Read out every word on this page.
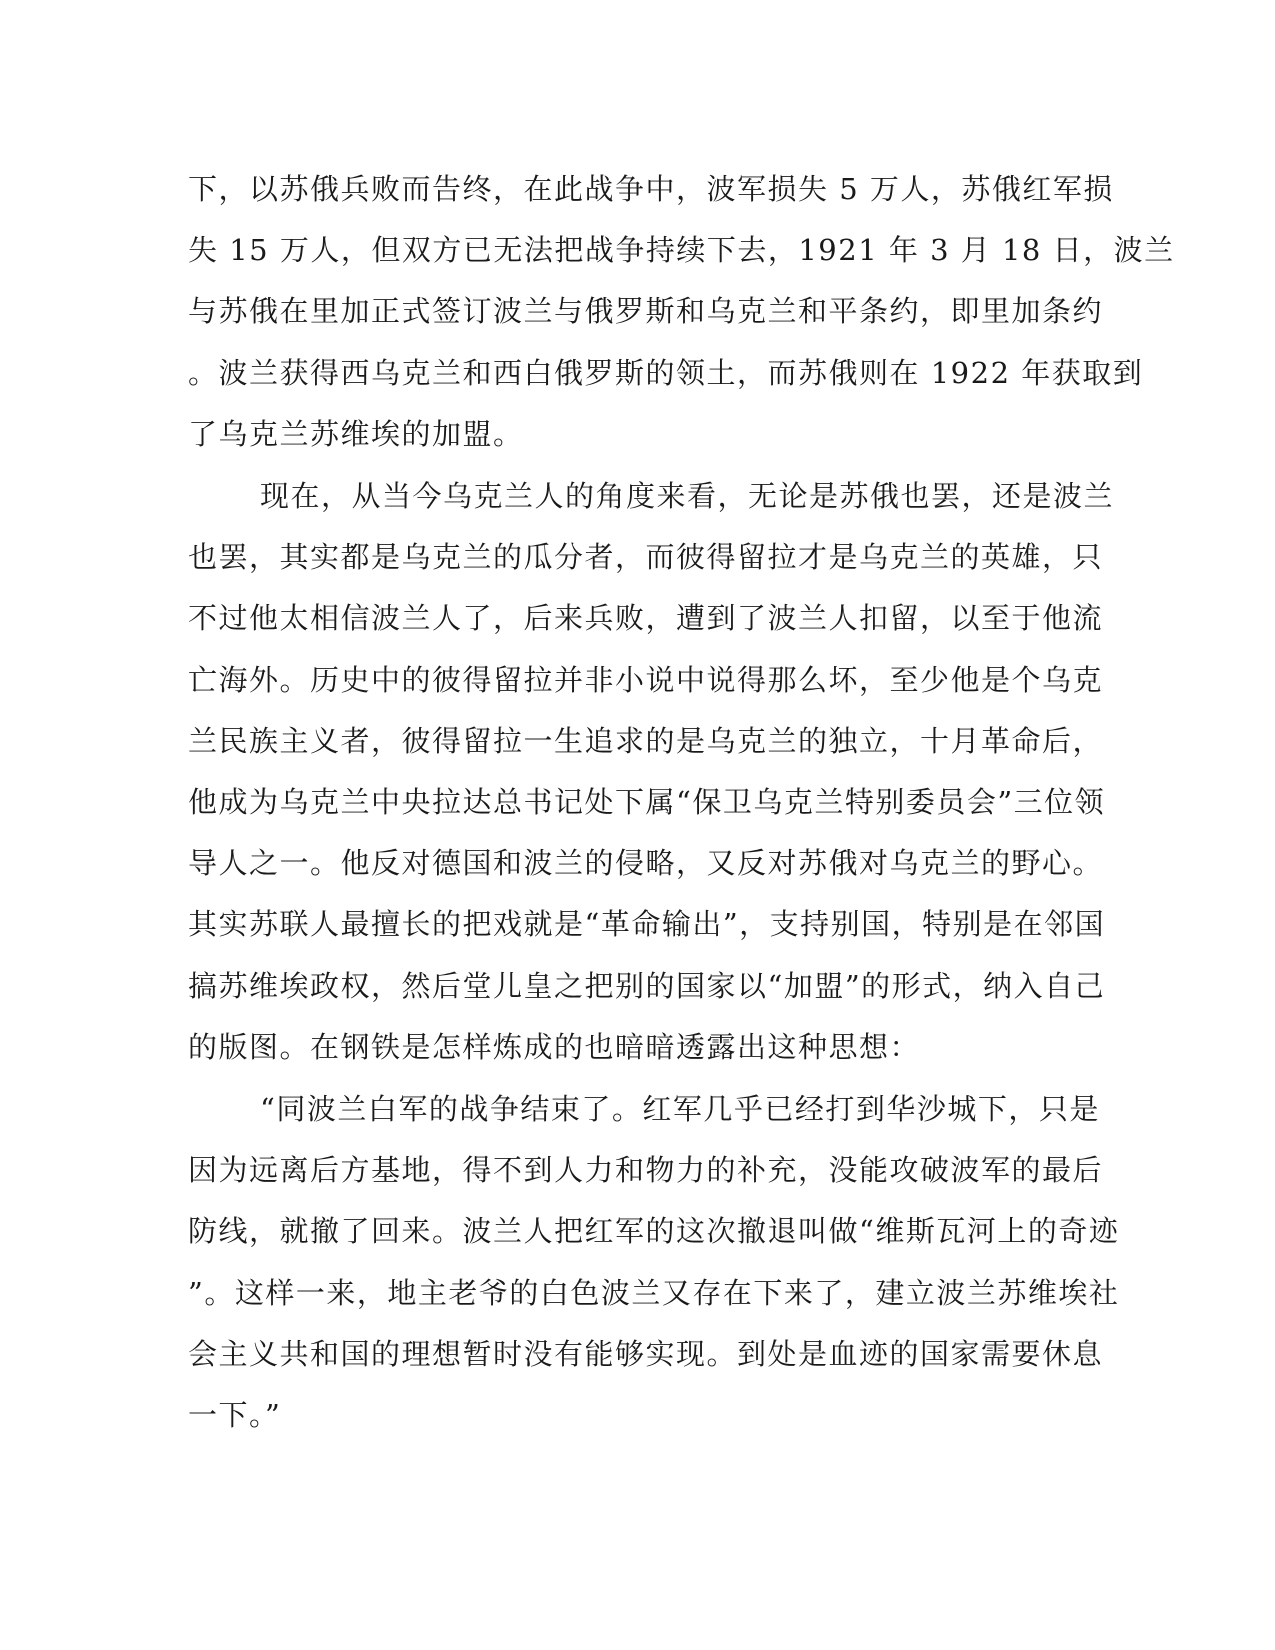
下，以苏俄兵败而告终，在此战争中，波军损失 5 万人，苏俄红军损
失 15 万人，但双方已无法把战争持续下去，1921 年 3 月 18 日，波兰
与苏俄在里加正式签订波兰与俄罗斯和乌克兰和平条约，即里加条约
。波兰获得西乌克兰和西白俄罗斯的领土，而苏俄则在 1922 年获取到
了乌克兰苏维埃的加盟。
现在，从当今乌克兰人的角度来看，无论是苏俄也罢，还是波兰
也罢，其实都是乌克兰的瓜分者，而彼得留拉才是乌克兰的英雄，只
不过他太相信波兰人了，后来兵败，遭到了波兰人扣留，以至于他流
亡海外。历史中的彼得留拉并非小说中说得那么坏，至少他是个乌克
兰民族主义者，彼得留拉一生追求的是乌克兰的独立，十月革命后，
他成为乌克兰中央拉达总书记处下属“保卫乌克兰特别委员会”三位领
导人之一。他反对德国和波兰的侵略，又反对苏俄对乌克兰的野心。
其实苏联人最擅长的把戏就是“革命输出”，支持别国，特别是在邻国
搞苏维埃政权，然后堂儿皇之把别的国家以“加盟”的形式，纳入自己
的版图。在钢铁是怎样炼成的也暗暗透露出这种思想：
“同波兰白军的战争结束了。红军几乎已经打到华沙城下，只是
因为远离后方基地，得不到人力和物力的补充，没能攻破波军的最后
防线，就撤了回来。波兰人把红军的这次撤退叫做“维斯瓦河上的奇迹
”。这样一来，地主老爷的白色波兰又存在下来了，建立波兰苏维埃社
会主义共和国的理想暂时没有能够实现。到处是血迹的国家需要休息
一下。”
